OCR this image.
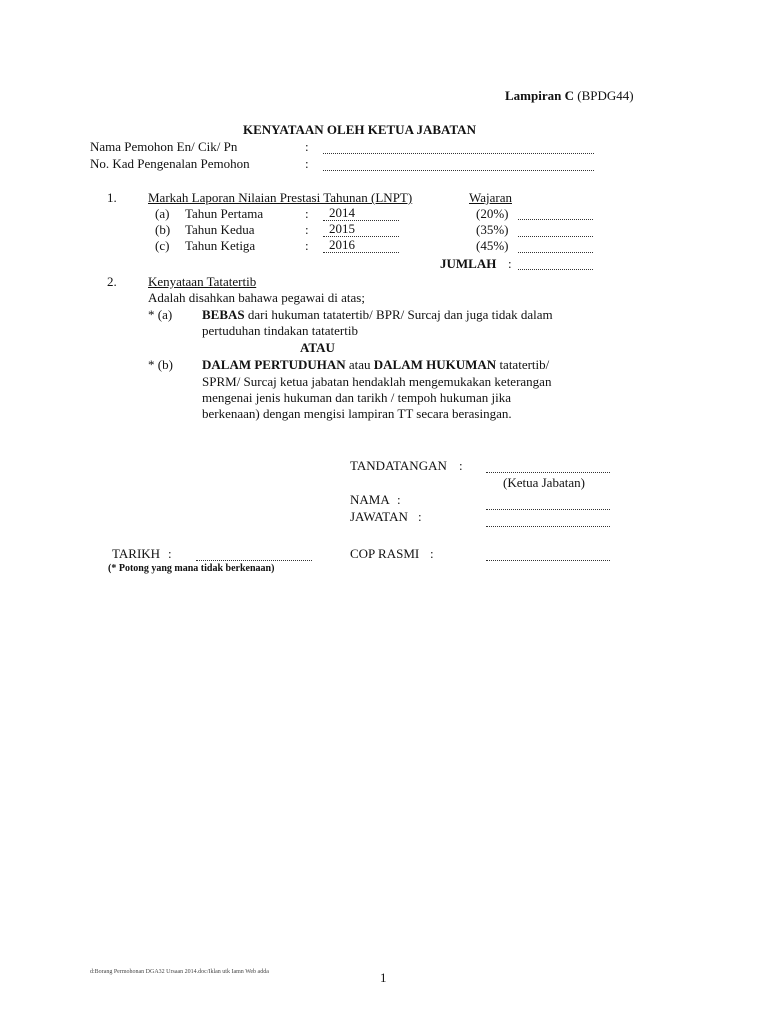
Lampiran C (BPDG44)
KENYATAAN OLEH KETUA JABATAN
Nama Pemohon En/ Cik/ Pn	:
No. Kad Pengenalan Pemohon	:
1. Markah Laporan Nilaian Prestasi Tahunan (LNPT)	Wajaran
(a) Tahun Pertama	:	2014	(20%)
(b) Tahun Kedua	:	2015	(35%)
(c) Tahun Ketiga	:	2016	(45%)
JUMLAH :
2. Kenyataan Tatatertib
Adalah disahkan bahawa pegawai di atas;
* (a) BEBAS dari hukuman tatatertib/ BPR/ Surcaj dan juga tidak dalam
pertuduhan tindakan tatatertib
ATAU
* (b) DALAM PERTUDUHAN atau DALAM HUKUMAN tatatertib/
SPRM/ Surcaj ketua jabatan hendaklah mengemukakan keterangan
mengenai jenis hukuman dan tarikh / tempoh hukuman jika
berkenaan) dengan mengisi lampiran TT secara berasingan.
TANDATANGAN :
(Ketua Jabatan)
NAMA :
JAWATAN :
TARIKH :	COP RASMI :
(* Potong yang mana tidak berkenaan)
d:Borang Permohonan DGA32 Ursaan 2014.doc/Iklan utk Iamn Web adda	1
